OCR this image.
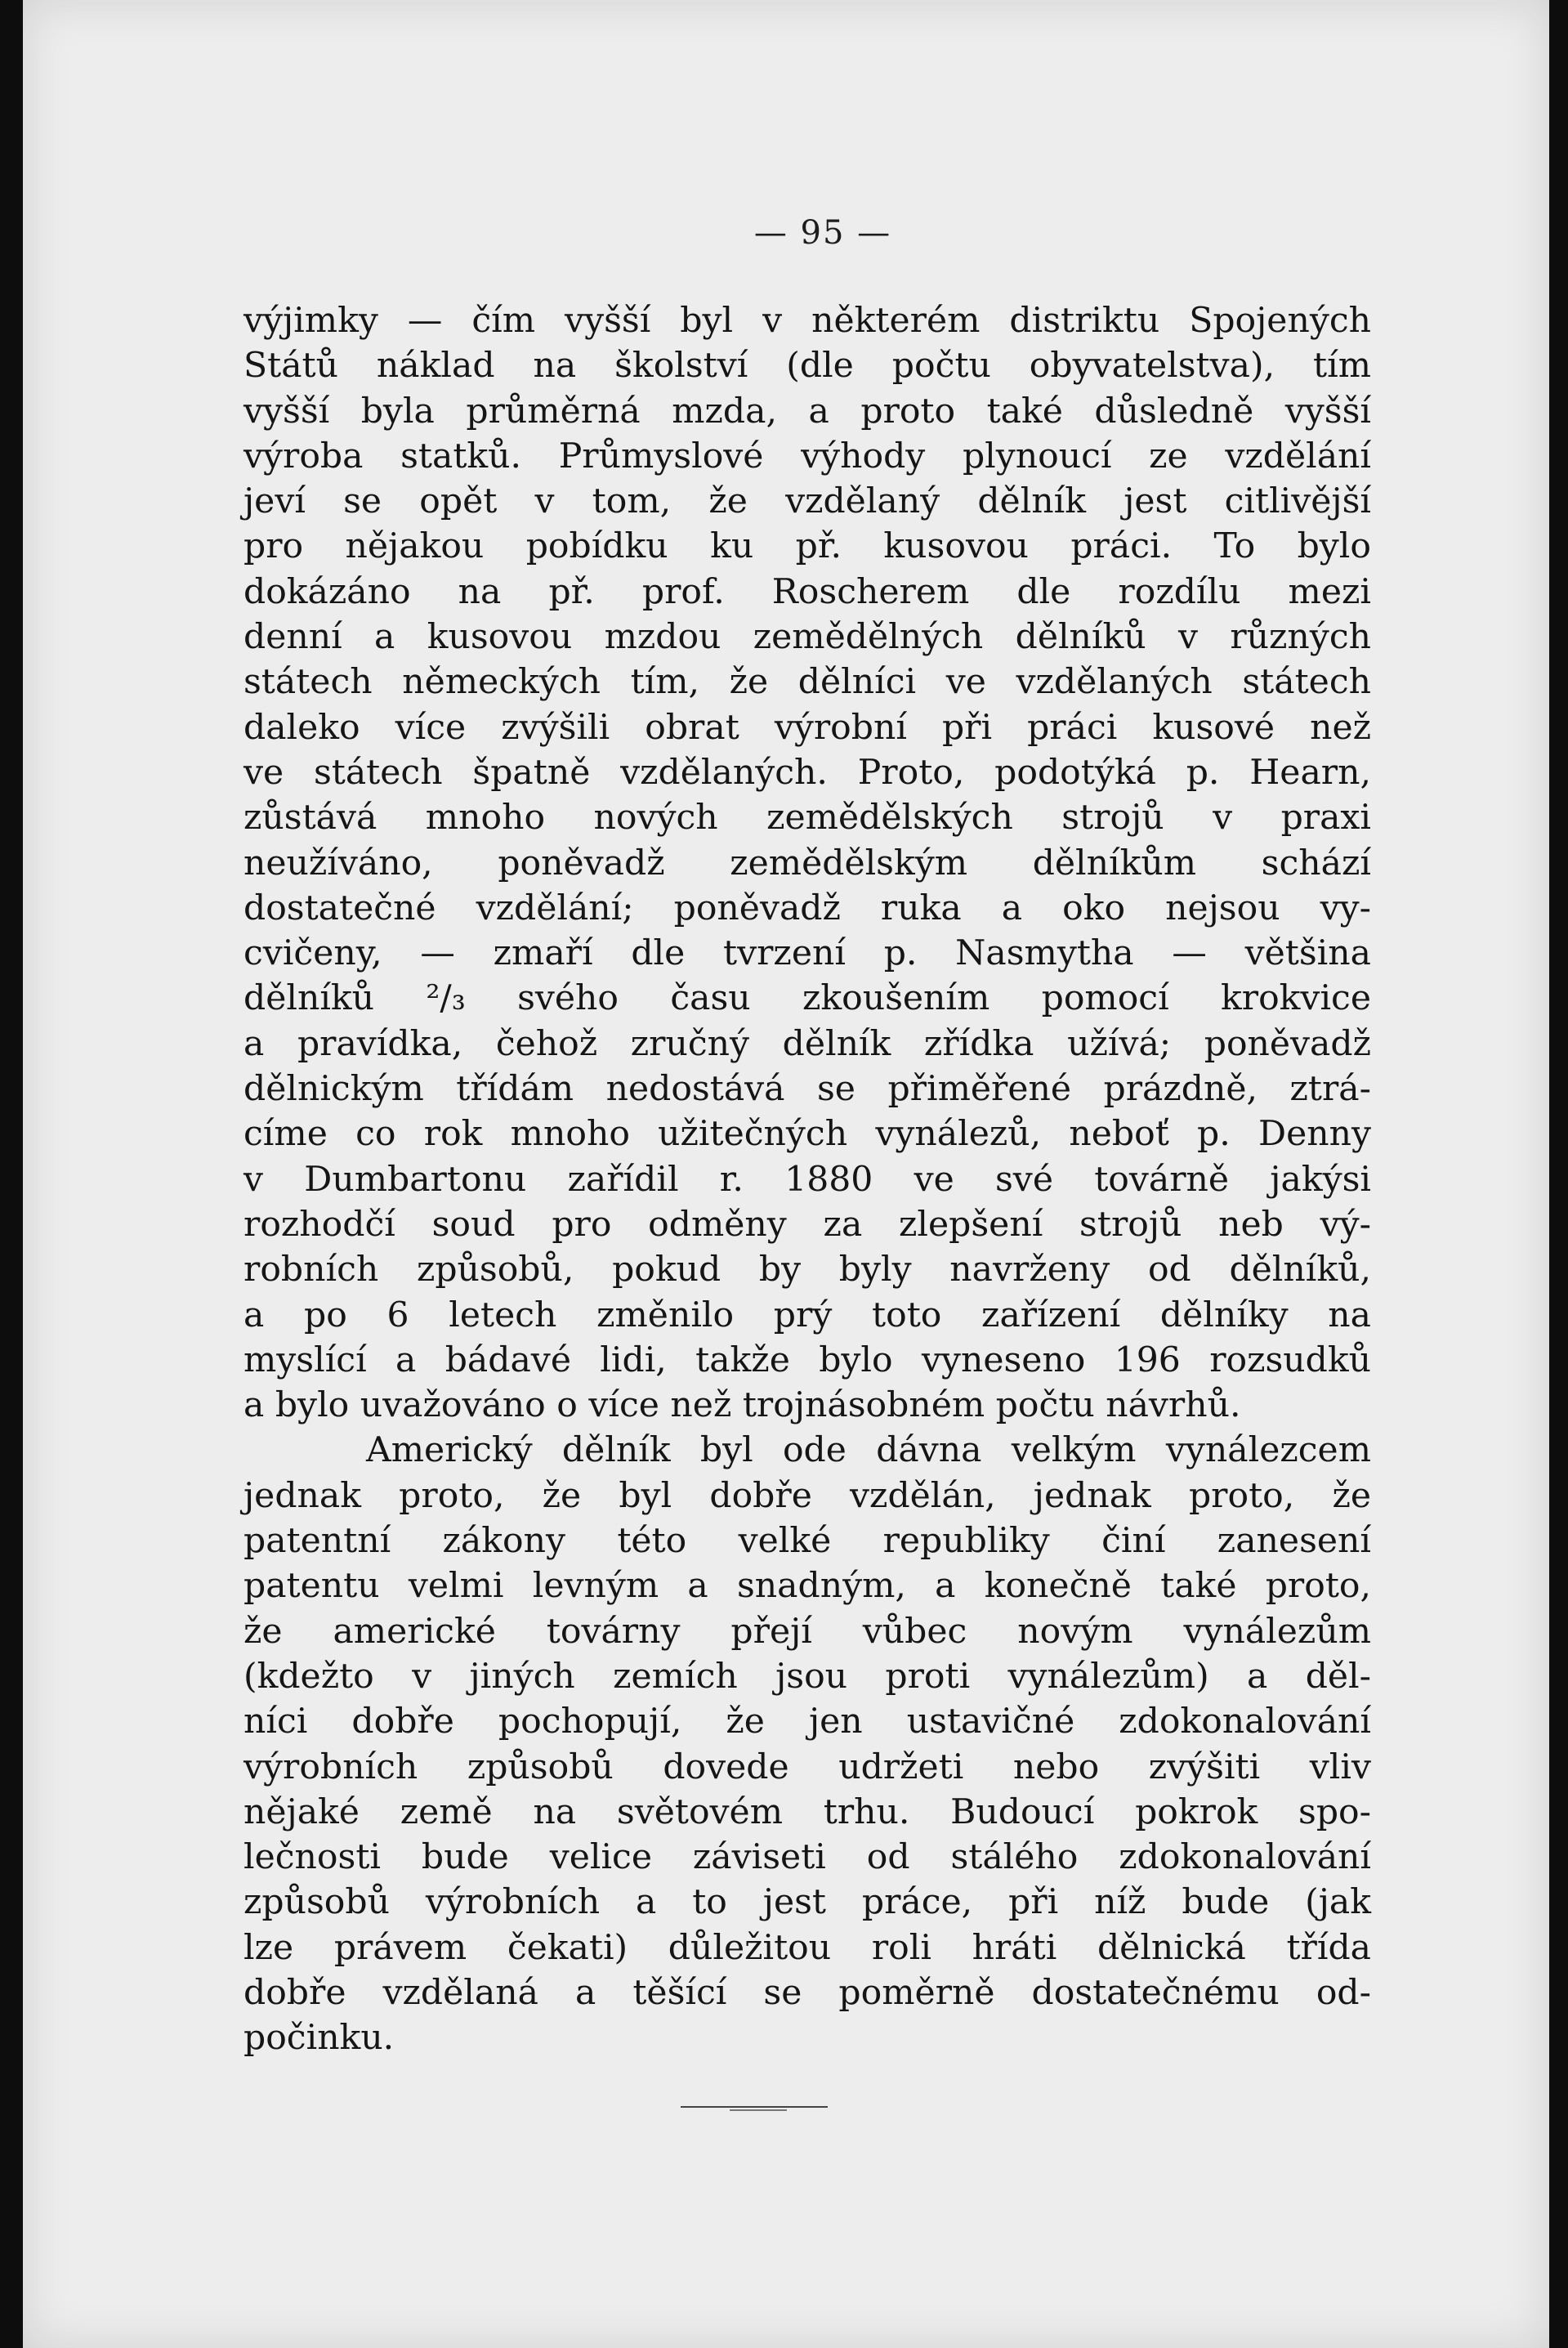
— 95 —
výjimky — čím vyšší byl v některém distriktu Spojených
Států náklad na školství (dle počtu obyvatelstva), tím
vyšší byla průměrná mzda, a proto také důsledně vyšší
výroba statků. Průmyslové výhody plynoucí ze vzdělání
jeví se opět v tom, že vzdělaný dělník jest citlivější
pro nějakou pobídku ku př. kusovou práci. To bylo
dokázáno na př. prof. Roscherem dle rozdílu mezi
denní a kusovou mzdou zemědělných dělníků v různých
státech německých tím, že dělníci ve vzdělaných státech
daleko více zvýšili obrat výrobní při práci kusové než
ve státech špatně vzdělaných. Proto, podotýká p. Hearn,
zůstává mnoho nových zemědělských strojů v praxi
neužíváno, poněvadž zemědělským dělníkům schází
dostatečné vzdělání; poněvadž ruka a oko nejsou vy-
cvičeny, — zmaří dle tvrzení p. Nasmytha — většina
dělníků ²/₃ svého času zkoušením pomocí krokvice
a pravídka, čehož zručný dělník zřídka užívá; poněvadž
dělnickým třídám nedostává se přiměřené prázdně, ztrá-
címe co rok mnoho užitečných vynálezů, neboť p. Denny
v Dumbartonu zařídil r. 1880 ve své továrně jakýsi
rozhodčí soud pro odměny za zlepšení strojů neb vý-
robních způsobů, pokud by byly navrženy od dělníků,
a po 6 letech změnilo prý toto zařízení dělníky na
myslící a bádavé lidi, takže bylo vyneseno 196 rozsudků
a bylo uvažováno o více než trojnásobném počtu návrhů.
Americký dělník byl ode dávna velkým vynálezcem
jednak proto, že byl dobře vzdělán, jednak proto, že
patentní zákony této velké republiky činí zanesení
patentu velmi levným a snadným, a konečně také proto,
že americké továrny přejí vůbec novým vynálezům
(kdežto v jiných zemích jsou proti vynálezům) a děl-
níci dobře pochopují, že jen ustavičné zdokonalování
výrobních způsobů dovede udržeti nebo zvýšiti vliv
nějaké země na světovém trhu. Budoucí pokrok spo-
lečnosti bude velice záviseti od stálého zdokonalování
způsobů výrobních a to jest práce, při níž bude (jak
lze právem čekati) důležitou roli hráti dělnická třída
dobře vzdělaná a těšící se poměrně dostatečnému od-
počinku.
